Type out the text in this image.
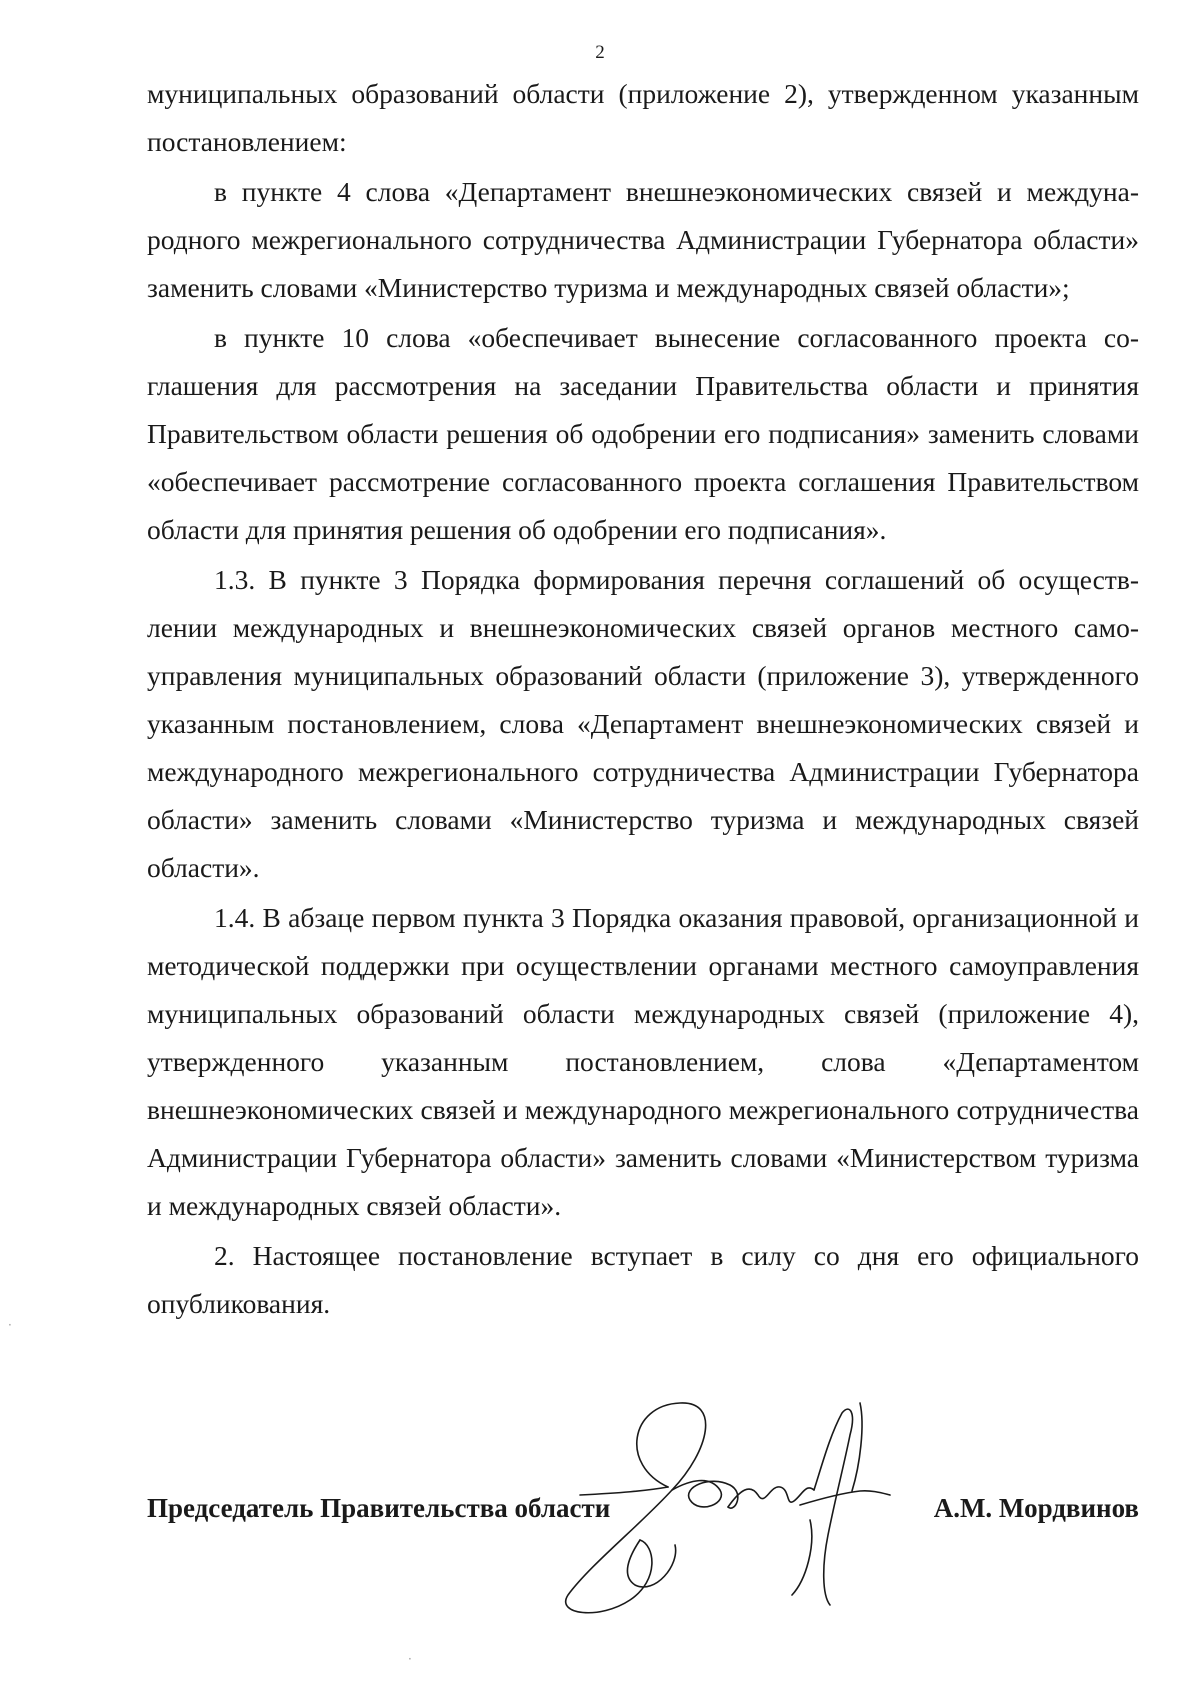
2

муниципальных образований области (приложение 2), утвержденном указанным постановлением:

в пункте 4 слова «Департамент внешнеэкономических связей и международного межрегионального сотрудничества Администрации Губернатора области» заменить словами «Министерство туризма и международных связей области»;

в пункте 10 слова «обеспечивает вынесение согласованного проекта соглашения для рассмотрения на заседании Правительства области и принятия Правительством области решения об одобрении его подписания» заменить словами «обеспечивает рассмотрение согласованного проекта соглашения Правительством области для принятия решения об одобрении его подписания».

1.3. В пункте 3 Порядка формирования перечня соглашений об осуществлении международных и внешнеэкономических связей органов местного самоуправления муниципальных образований области (приложение 3), утвержденного указанным постановлением, слова «Департамент внешнеэкономических связей и международного межрегионального сотрудничества Администрации Губернатора области» заменить словами «Министерство туризма и международных связей области».

1.4. В абзаце первом пункта 3 Порядка оказания правовой, организационной и методической поддержки при осуществлении органами местного самоуправления муниципальных образований области международных связей (приложение 4), утвержденного указанным постановлением, слова «Департаментом внешнеэкономических связей и международного межрегионального сотрудничества Администрации Губернатора области» заменить словами «Министерством туризма и международных связей области».

2. Настоящее постановление вступает в силу со дня его официального опубликования.

Председатель Правительства области	А.М. Мордвинов
·
·
